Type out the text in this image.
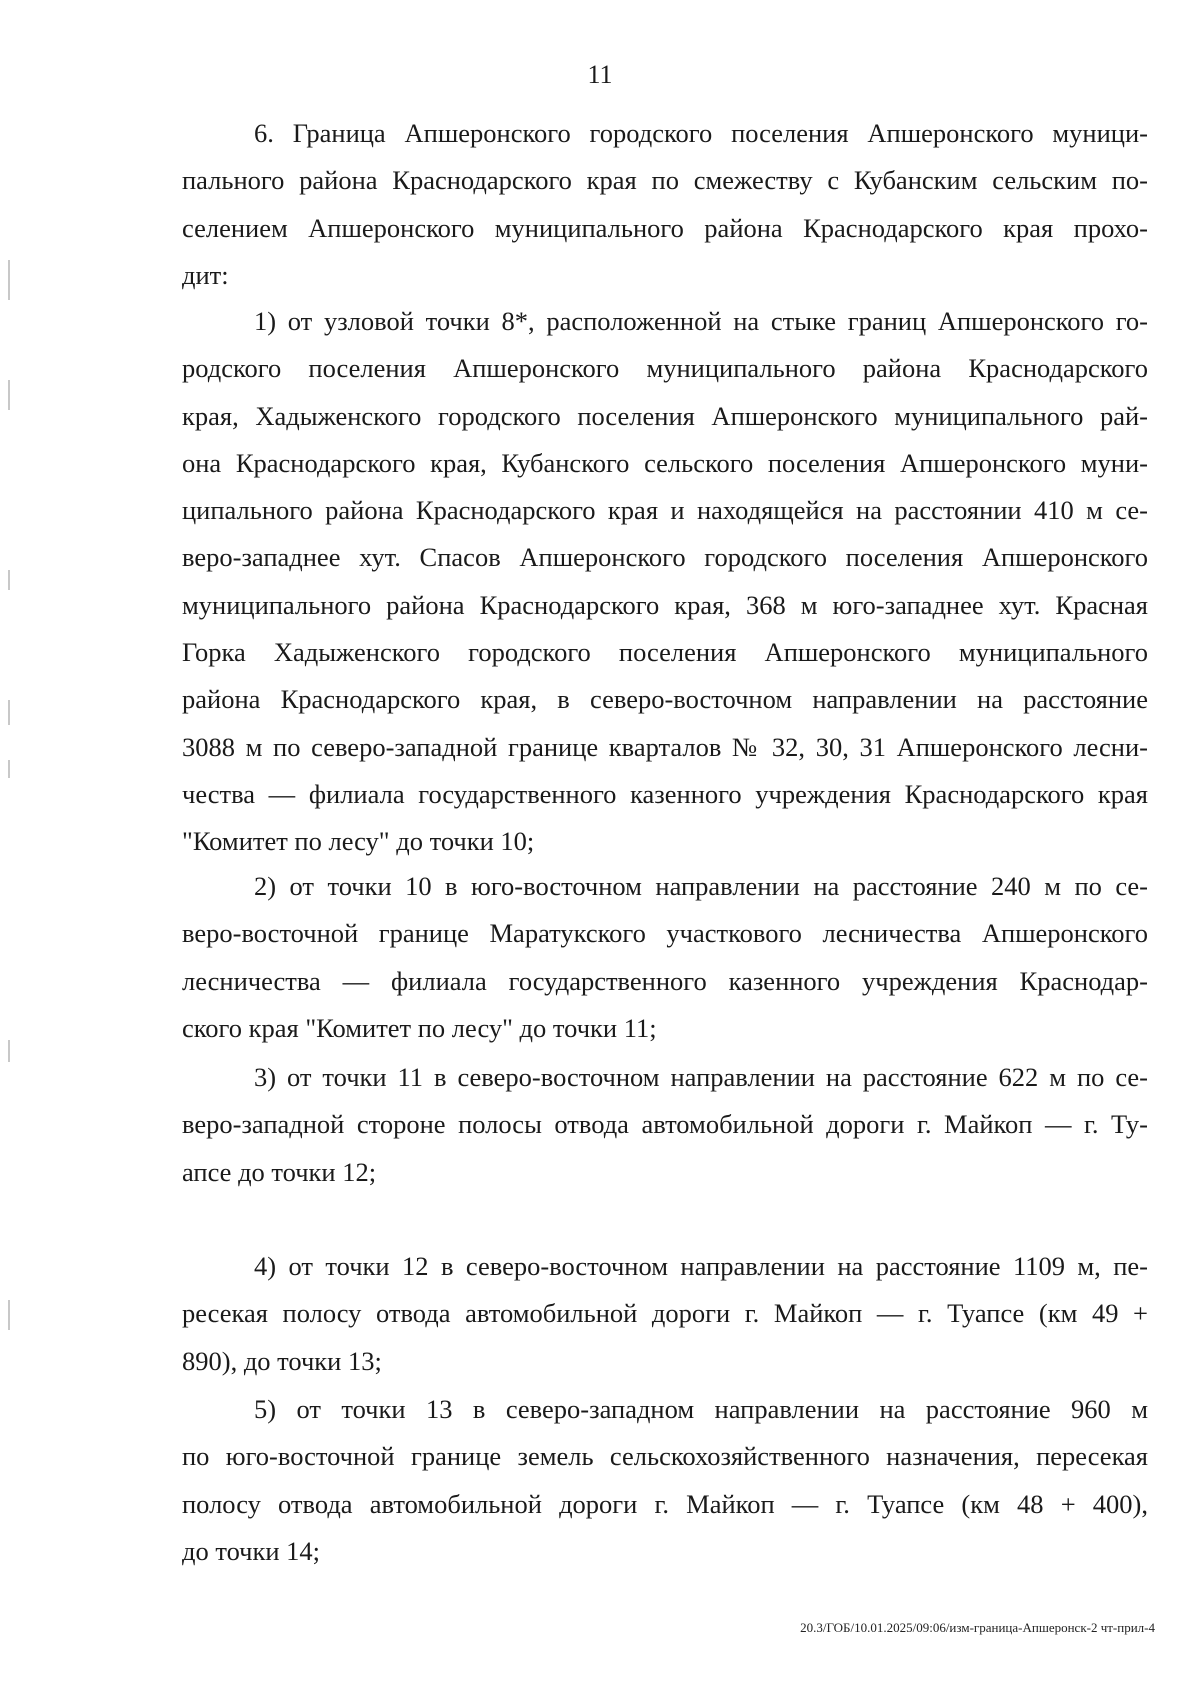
11
6. Граница Апшеронского городского поселения Апшеронского муници-
пального района Краснодарского края по смежеству с Кубанским сельским по-
селением Апшеронского муниципального района Краснодарского края прохо-
дит:
1) от узловой точки 8*, расположенной на стыке границ Апшеронского го-
родского поселения Апшеронского муниципального района Краснодарского
края, Хадыженского городского поселения Апшеронского муниципального рай-
она Краснодарского края, Кубанского сельского поселения Апшеронского муни-
ципального района Краснодарского края и находящейся на расстоянии 410 м се-
веро-западнее хут. Спасов Апшеронского городского поселения Апшеронского
муниципального района Краснодарского края, 368 м юго-западнее хут. Красная
Горка Хадыженского городского поселения Апшеронского муниципального
района Краснодарского края, в северо-восточном направлении на расстояние
3088 м по северо-западной границе кварталов № 32, 30, 31 Апшеронского лесни-
чества — филиала государственного казенного учреждения Краснодарского края
"Комитет по лесу" до точки 10;
2) от точки 10 в юго-восточном направлении на расстояние 240 м по се-
веро-восточной границе Маратукского участкового лесничества Апшеронского
лесничества — филиала государственного казенного учреждения Краснодар-
ского края "Комитет по лесу" до точки 11;
3) от точки 11 в северо-восточном направлении на расстояние 622 м по се-
веро-западной стороне полосы отвода автомобильной дороги г. Майкоп — г. Ту-
апсе до точки 12;
4) от точки 12 в северо-восточном направлении на расстояние 1109 м, пе-
ресекая полосу отвода автомобильной дороги г. Майкоп — г. Туапсе (км 49 +
890), до точки 13;
5) от точки 13 в северо-западном направлении на расстояние 960 м
по юго-восточной границе земель сельскохозяйственного назначения, пересекая
полосу отвода автомобильной дороги г. Майкоп — г. Туапсе (км 48 + 400),
до точки 14;
20.3/ГОБ/10.01.2025/09:06/изм-граница-Апшеронск-2 чт-прил-4
